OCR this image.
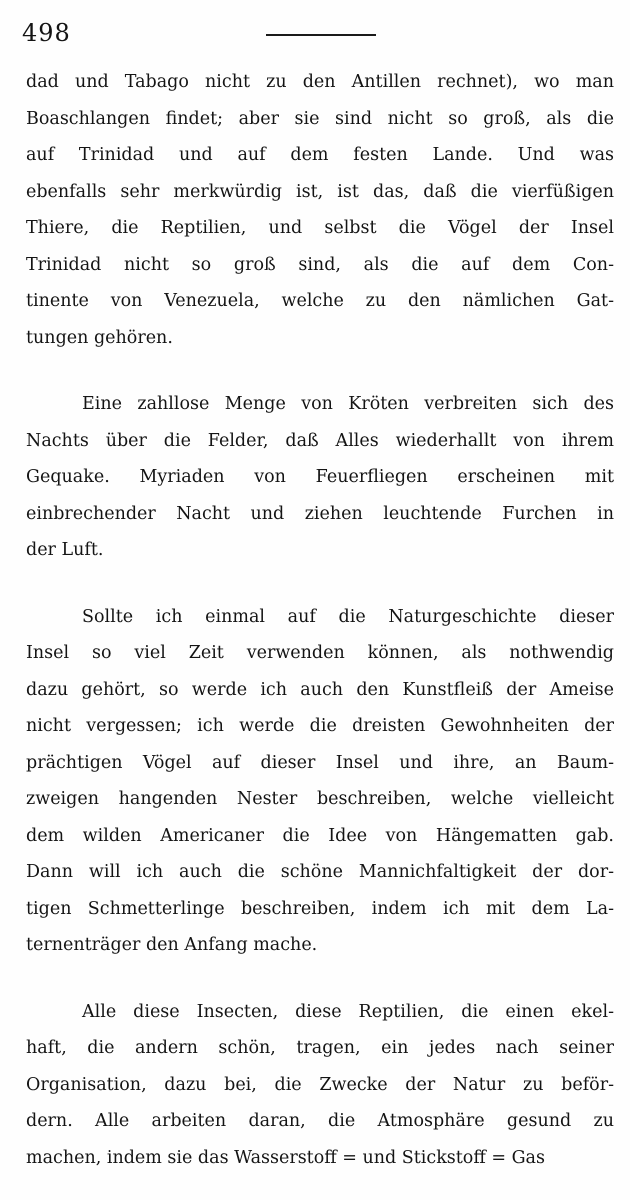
498
dad und Tabago nicht zu den Antillen rechnet), wo man
Boaschlangen findet; aber sie sind nicht so groß, als die
auf Trinidad und auf dem festen Lande. Und was
ebenfalls sehr merkwürdig ist, ist das, daß die vierfüßigen
Thiere, die Reptilien, und selbst die Vögel der Insel
Trinidad nicht so groß sind, als die auf dem Con-
tinente von Venezuela, welche zu den nämlichen Gat-
tungen gehören.
Eine zahllose Menge von Kröten verbreiten sich des
Nachts über die Felder, daß Alles wiederhallt von ihrem
Gequake. Myriaden von Feuerfliegen erscheinen mit
einbrechender Nacht und ziehen leuchtende Furchen in
der Luft.
Sollte ich einmal auf die Naturgeschichte dieser
Insel so viel Zeit verwenden können, als nothwendig
dazu gehört, so werde ich auch den Kunstfleiß der Ameise
nicht vergessen; ich werde die dreisten Gewohnheiten der
prächtigen Vögel auf dieser Insel und ihre, an Baum-
zweigen hangenden Nester beschreiben, welche vielleicht
dem wilden Americaner die Idee von Hängematten gab.
Dann will ich auch die schöne Mannichfaltigkeit der dor-
tigen Schmetterlinge beschreiben, indem ich mit dem La-
ternenträger den Anfang mache.
Alle diese Insecten, diese Reptilien, die einen ekel-
haft, die andern schön, tragen, ein jedes nach seiner
Organisation, dazu bei, die Zwecke der Natur zu beför-
dern. Alle arbeiten daran, die Atmosphäre gesund zu
machen, indem sie das Wasserstoff = und Stickstoff = Gas
